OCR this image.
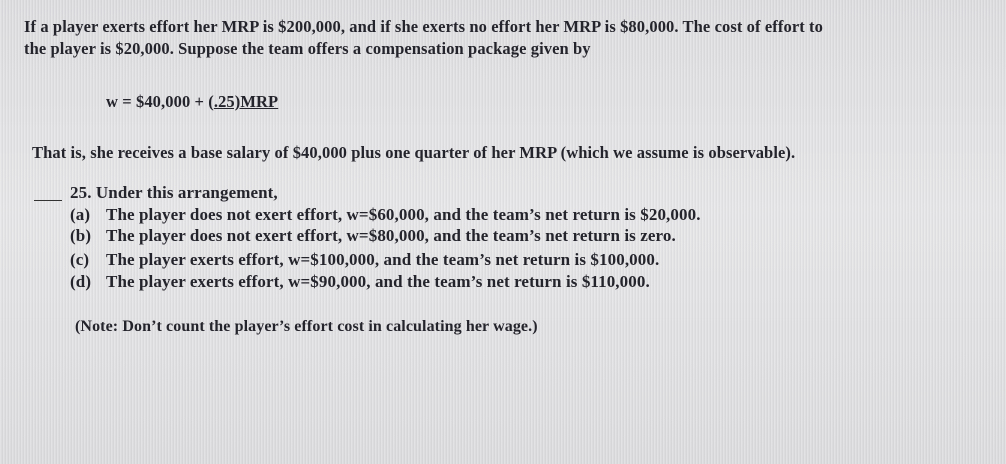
If a player exerts effort her MRP is $200,000, and if she exerts no effort her MRP is $80,000. The cost of effort to
the player is $20,000. Suppose the team offers a compensation package given by
w = $40,000 + (.25)MRP
That is, she receives a base salary of $40,000 plus one quarter of her MRP (which we assume is observable).
25. Under this arrangement,
(a) The player does not exert effort, w=$60,000, and the team’s net return is $20,000.
(b) The player does not exert effort, w=$80,000, and the team’s net return is zero.
(c) The player exerts effort, w=$100,000, and the team’s net return is $100,000.
(d) The player exerts effort, w=$90,000, and the team’s net return is $110,000.
(Note: Don’t count the player’s effort cost in calculating her wage.)
